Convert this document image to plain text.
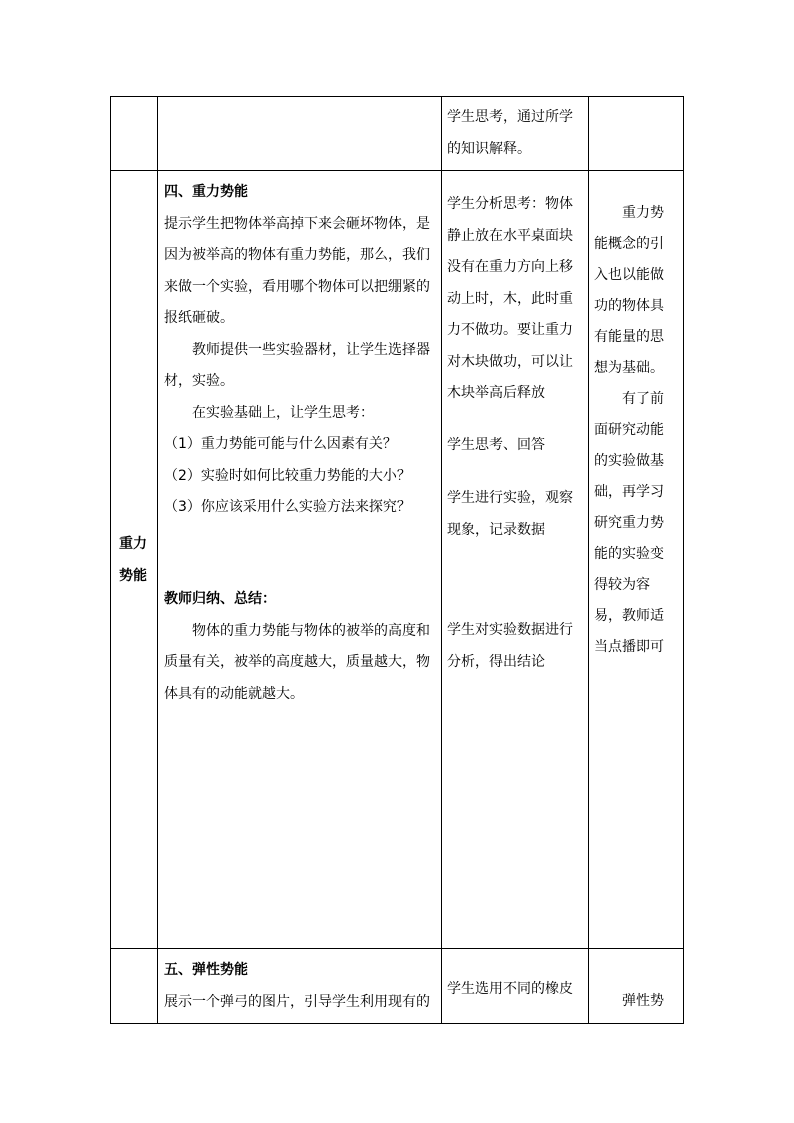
学生思考，通过所学

的知识解释。

重力

势能

四、重力势能

提示学生把物体举高掉下来会砸坏物体，是

因为被举高的物体有重力势能，那么，我们

来做一个实验，看用哪个物体可以把绷紧的

报纸砸破。

教师提供一些实验器材，让学生选择器

材，实验。

在实验基础上，让学生思考：

（1）重力势能可能与什么因素有关？

（2）实验时如何比较重力势能的大小？

（3）你应该采用什么实验方法来探究？

教师归纳、总结：

物体的重力势能与物体的被举的高度和

质量有关，被举的高度越大，质量越大，物

体具有的动能就越大。

学生分析思考：物体

静止放在水平桌面块

没有在重力方向上移

动上时，木，此时重

力不做功。要让重力

对木块做功，可以让

木块举高后释放

学生思考、回答

学生进行实验，观察

现象，记录数据

学生对实验数据进行

分析，得出结论

重力势

能概念的引

入也以能做

功的物体具

有能量的思

想为基础。

有了前

面研究动能

的实验做基

础，再学习

研究重力势

能的实验变

得较为容

易，教师适

当点播即可

五、弹性势能

展示一个弹弓的图片，引导学生利用现有的

学生选用不同的橡皮

弹性势
